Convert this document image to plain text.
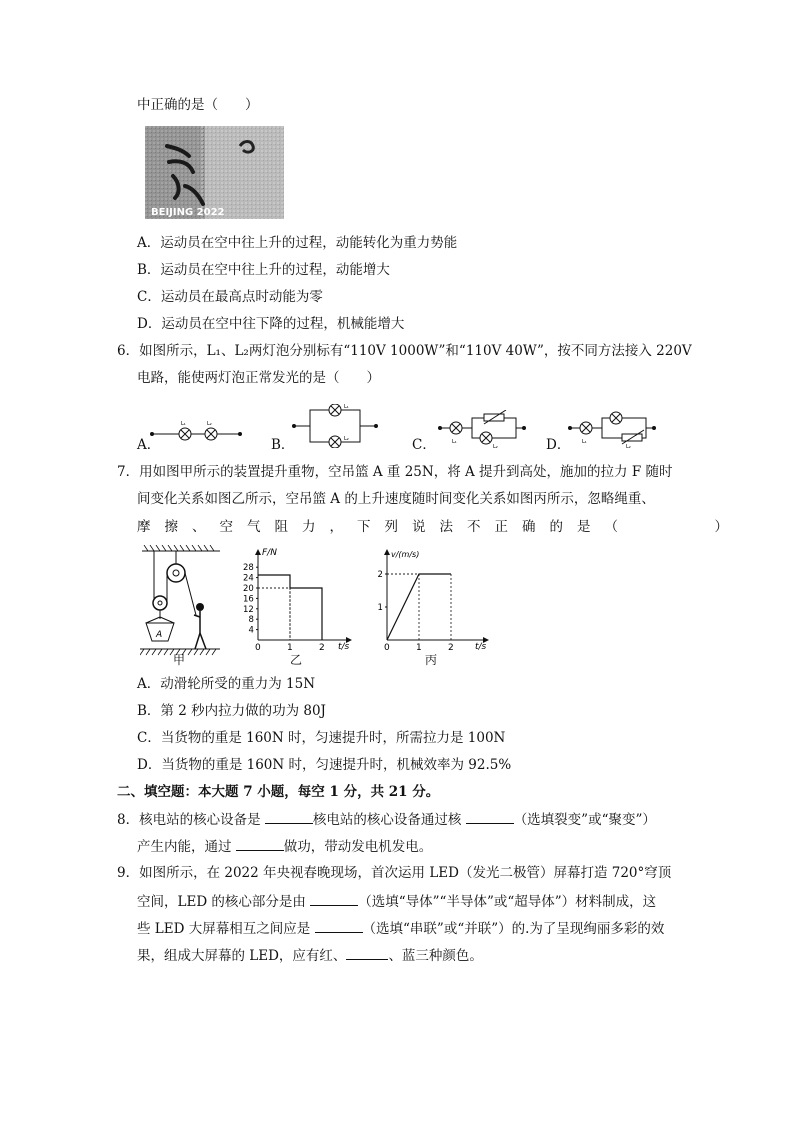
中正确的是（　　）
BEIJING 2022
A．运动员在空中往上升的过程，动能转化为重力势能
B．运动员在空中往上升的过程，动能增大
C．运动员在最高点时动能为零
D．运动员在空中往下降的过程，机械能增大
6．如图所示，L₁、L₂两灯泡分别标有“110V 1000W”和“110V 40W”，按不同方法接入 220V
电路，能使两灯泡正常发光的是（　　）
A．
L₁	L₂
B．
L₁
L₂	C．	L₁
L₂	D． L₁
L₂
7．用如图甲所示的装置提升重物，空吊篮 A 重 25N，将 A 提升到高处，施加的拉力 F 随时
间变化关系如图乙所示，空吊篮 A 的上升速度随时间变化关系如图丙所示，忽略绳重、
摩擦、空气阻力，下列说法不正确的是（　　　）
A
甲
F/N
t/s
0	1	2
28
24
20
16
12
8
4
乙
v/(m/s)
t/s
0	1	2
2
1
丙
A．动滑轮所受的重力为 15N
B．第 2 秒内拉力做的功为 80J
C．当货物的重是 160N 时，匀速提升时，所需拉力是 100N
D．当货物的重是 160N 时，匀速提升时，机械效率为 92.5%
二、填空题：本大题 7 小题，每空 1 分，共 21 分。
8．核电站的核心设备是	核电站的核心设备通过核	（选填裂变”或“聚变”）
产生内能，通过	做功，带动发电机发电。
9．如图所示，在 2022 年央视春晚现场，首次运用 LED（发光二极管）屏幕打造 720°穹顶
空间，LED 的核心部分是由	（选填“导体”“半导体”或“超导体”）材料制成，这
些 LED 大屏幕相互之间应是	（选填“串联”或“并联”）的.为了呈现绚丽多彩的效
果，组成大屏幕的 LED，应有红、	、蓝三种颜色。
